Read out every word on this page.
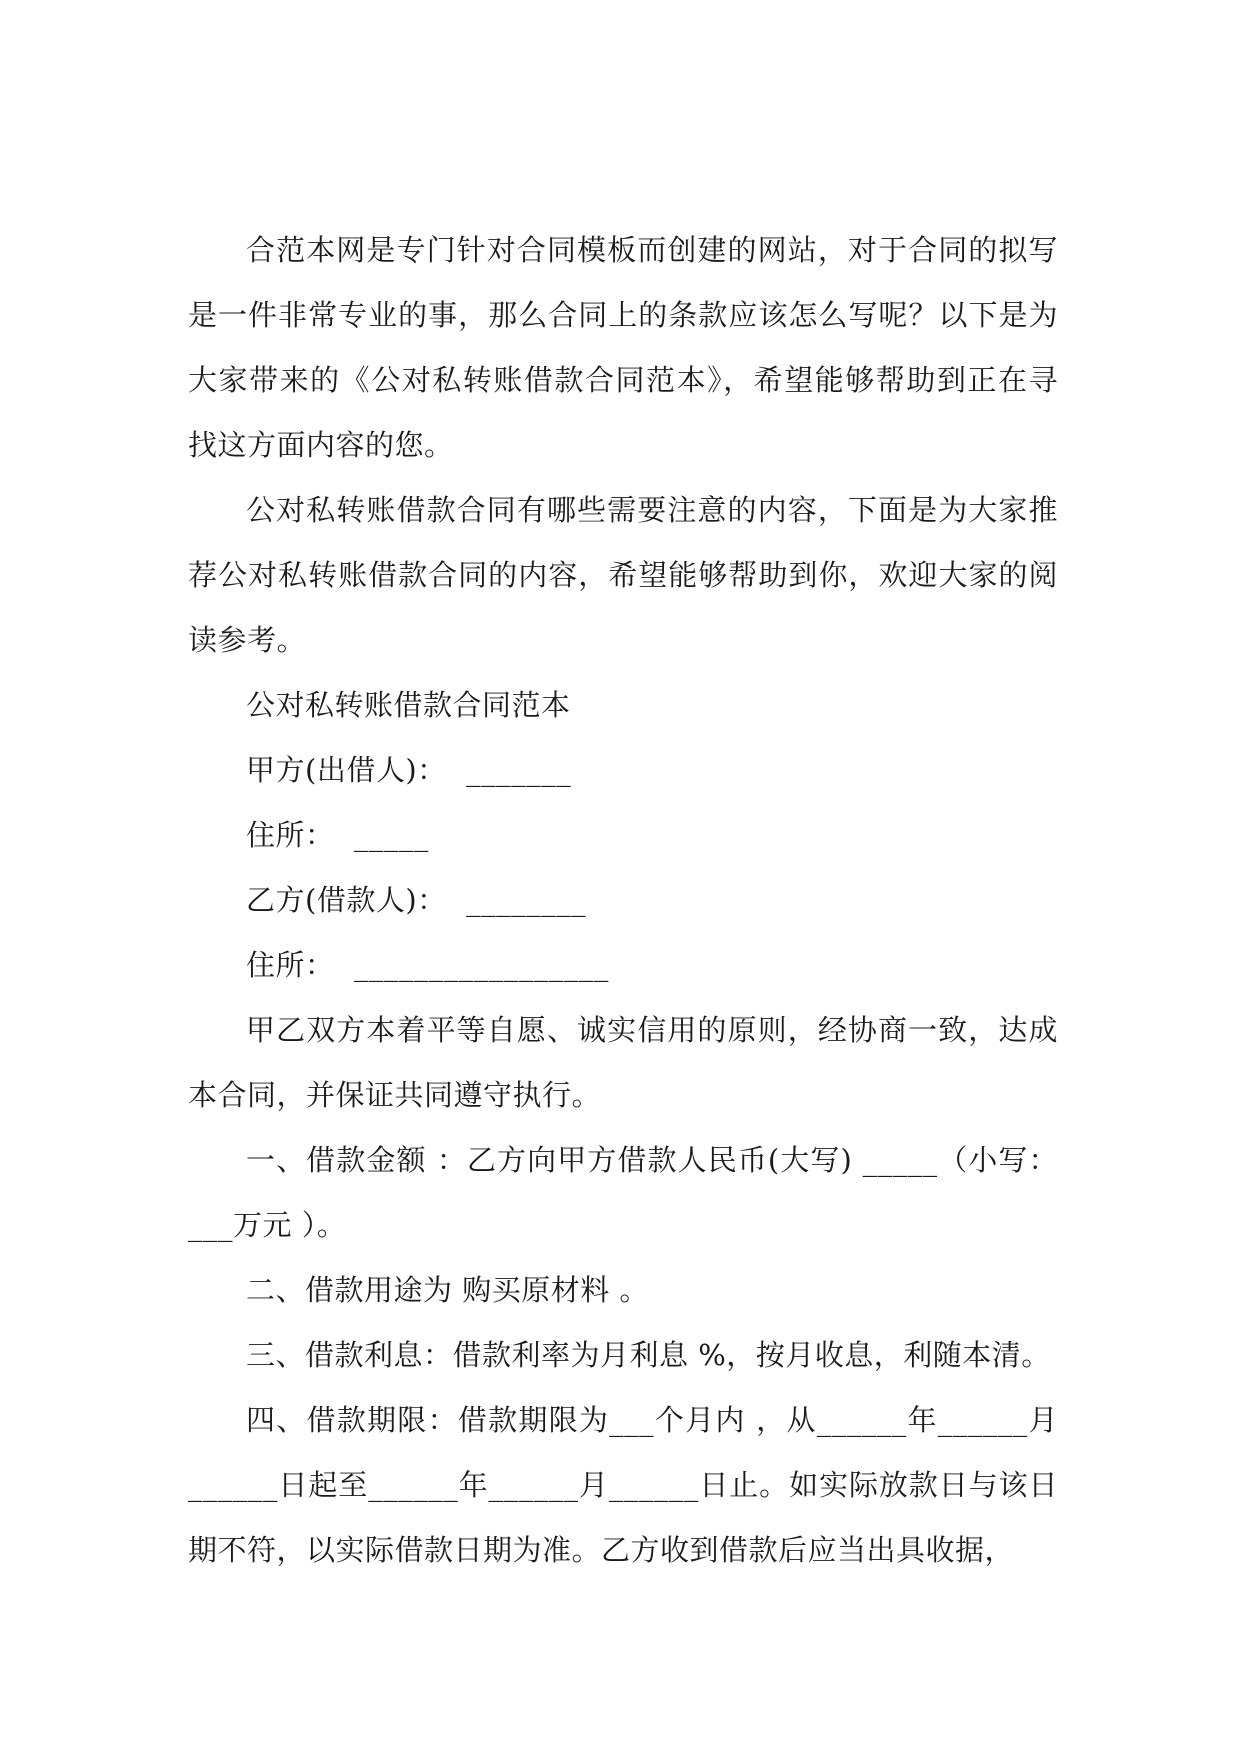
合范本网是专门针对合同模板而创建的网站，对于合同的拟写是一件非常专业的事，那么合同上的条款应该怎么写呢？以下是为大家带来的《公对私转账借款合同范本》，希望能够帮助到正在寻找这方面内容的您。

公对私转账借款合同有哪些需要注意的内容，下面是为大家推荐公对私转账借款合同的内容，希望能够帮助到你，欢迎大家的阅读参考。

公对私转账借款合同范本

甲方(出借人)：  _______

住所：  _____

乙方(借款人)：  ________

住所：  _________________

甲乙双方本着平等自愿、诚实信用的原则，经协商一致，达成本合同，并保证共同遵守执行。

一、借款金额 ：乙方向甲方借款人民币(大写) _____（小写：___万元 ）。

二、借款用途为 购买原材料 。

三、借款利息：借款利率为月利息 %，按月收息，利随本清。

四、借款期限：借款期限为___个月内 ，从______年______月______日起至______年______月______日止。如实际放款日与该日期不符，以实际借款日期为准。乙方收到借款后应当出具收据，
